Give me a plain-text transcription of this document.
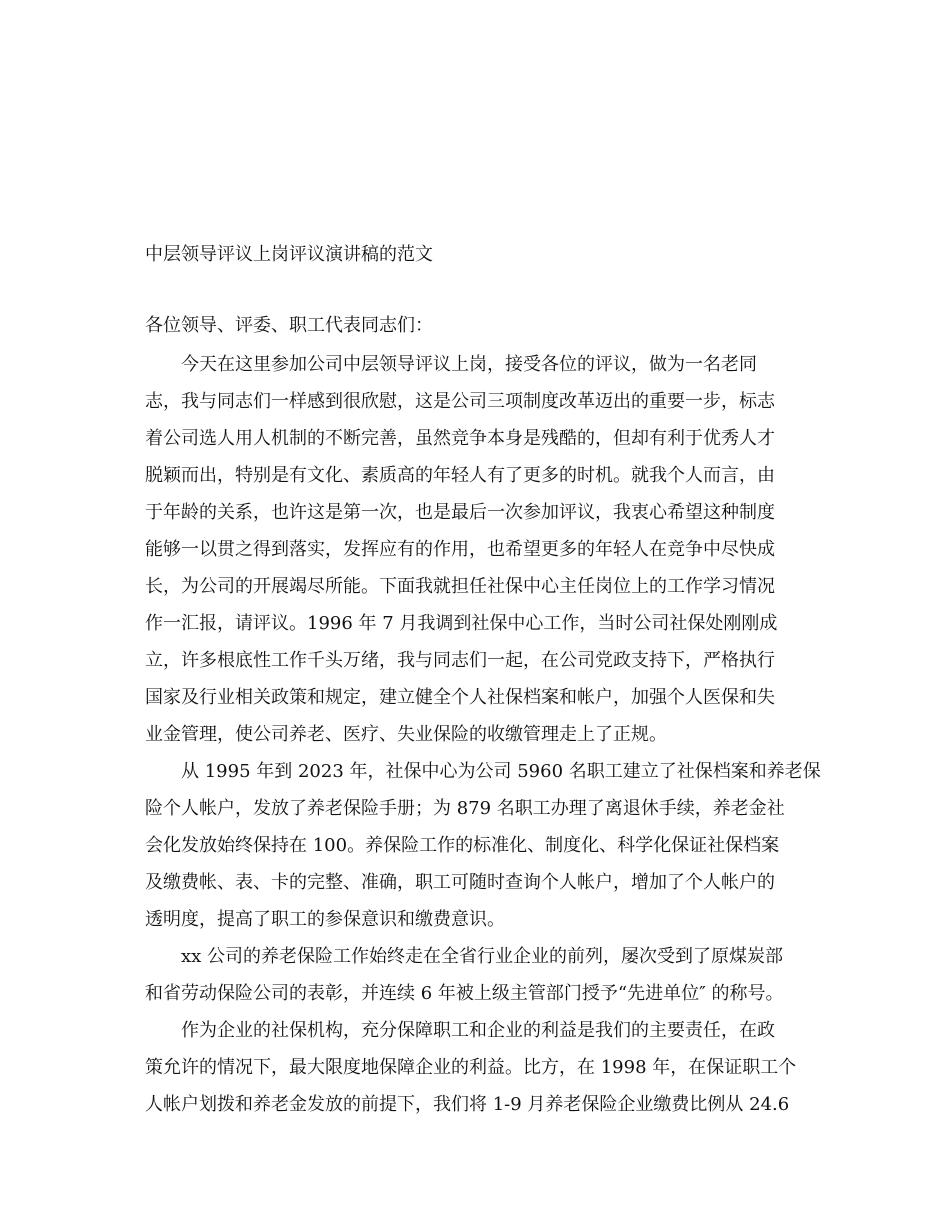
中层领导评议上岗评议演讲稿的范文

各位领导、评委、职工代表同志们：

今天在这里参加公司中层领导评议上岗，接受各位的评议，做为一名老同
志，我与同志们一样感到很欣慰，这是公司三项制度改革迈出的重要一步，标志
着公司选人用人机制的不断完善，虽然竞争本身是残酷的，但却有利于优秀人才
脱颖而出，特别是有文化、素质高的年轻人有了更多的时机。就我个人而言，由
于年龄的关系，也许这是第一次，也是最后一次参加评议，我衷心希望这种制度
能够一以贯之得到落实，发挥应有的作用，也希望更多的年轻人在竞争中尽快成
长，为公司的开展竭尽所能。下面我就担任社保中心主任岗位上的工作学习情况
作一汇报，请评议。1996 年 7 月我调到社保中心工作，当时公司社保处刚刚成
立，许多根底性工作千头万绪，我与同志们一起，在公司党政支持下，严格执行
国家及行业相关政策和规定，建立健全个人社保档案和帐户，加强个人医保和失
业金管理，使公司养老、医疗、失业保险的收缴管理走上了正规。

从 1995 年到 2023 年，社保中心为公司 5960 名职工建立了社保档案和养老保
险个人帐户，发放了养老保险手册；为 879 名职工办理了离退休手续，养老金社
会化发放始终保持在 100。养保险工作的标准化、制度化、科学化保证社保档案
及缴费帐、表、卡的完整、准确，职工可随时查询个人帐户，增加了个人帐户的
透明度，提高了职工的参保意识和缴费意识。

xx 公司的养老保险工作始终走在全省行业企业的前列，屡次受到了原煤炭部
和省劳动保险公司的表彰，并连续 6 年被上级主管部门授予“先进单位″ 的称号。

作为企业的社保机构，充分保障职工和企业的利益是我们的主要责任，在政
策允许的情况下，最大限度地保障企业的利益。比方，在 1998 年，在保证职工个
人帐户划拨和养老金发放的前提下，我们将 1-9 月养老保险企业缴费比例从 24.6
